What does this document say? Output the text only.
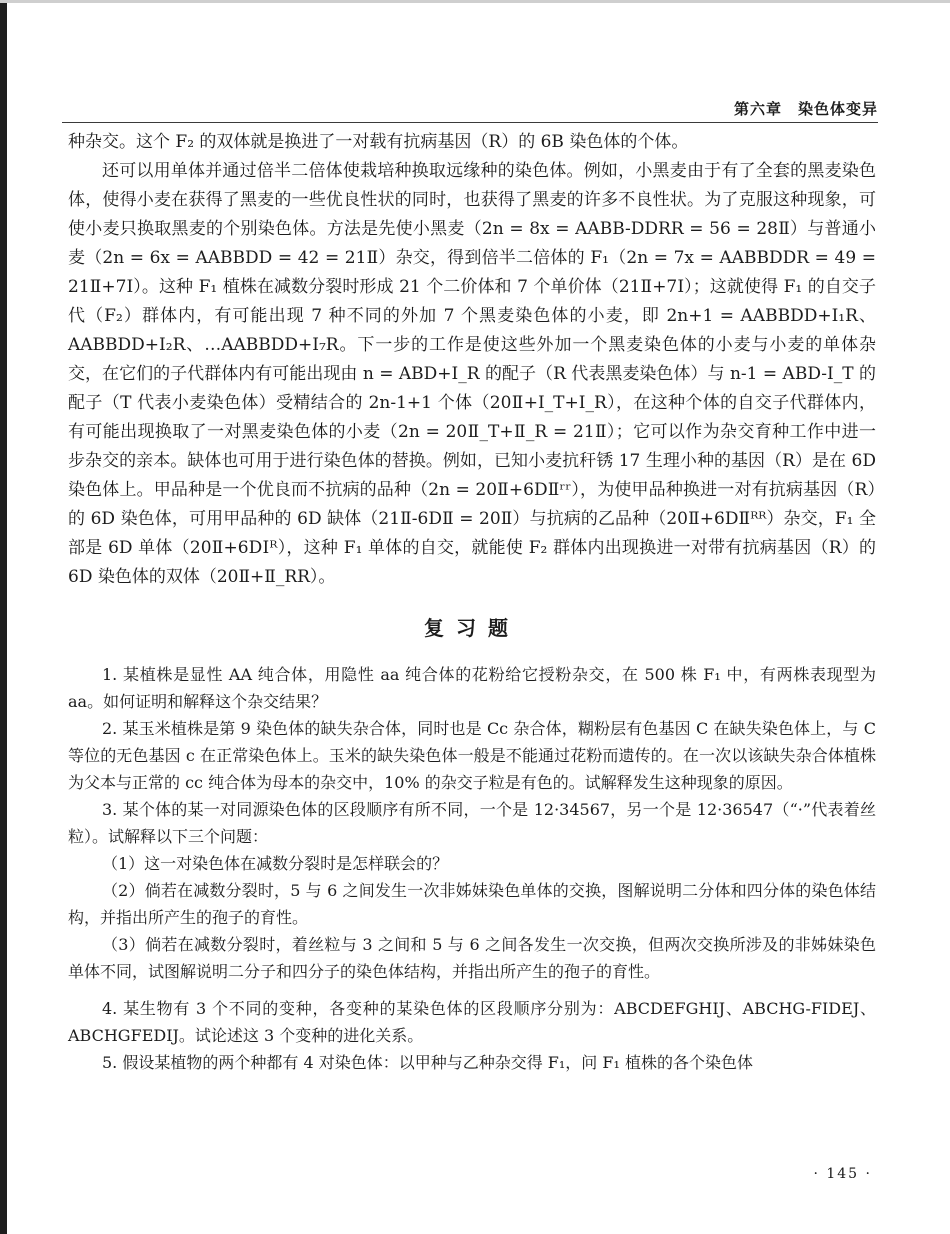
第六章　染色体变异

种杂交。这个 F₂ 的双体就是换进了一对载有抗病基因（R）的 6B 染色体的个体。

还可以用单体并通过倍半二倍体使栽培种换取远缘种的染色体。例如，小黑麦由于有了全套的黑麦染色体，使得小麦在获得了黑麦的一些优良性状的同时，也获得了黑麦的许多不良性状。为了克服这种现象，可使小麦只换取黑麦的个别染色体。方法是先使小黑麦（2n = 8x = AABB-DDRR = 56 = 28Ⅱ）与普通小麦（2n = 6x = AABBDD = 42 = 21Ⅱ）杂交，得到倍半二倍体的 F₁（2n = 7x = AABBDDR = 49 = 21Ⅱ+7Ⅰ）。这种 F₁ 植株在减数分裂时形成 21 个二价体和 7 个单价体（21Ⅱ+7Ⅰ）；这就使得 F₁ 的自交子代（F₂）群体内，有可能出现 7 种不同的外加 7 个黑麦染色体的小麦，即 2n+1 = AABBDD+I₁R、AABBDD+I₂R、…AABBDD+I₇R。下一步的工作是使这些外加一个黑麦染色体的小麦与小麦的单体杂交，在它们的子代群体内有可能出现由 n = ABD+I_R 的配子（R 代表黑麦染色体）与 n-1 = ABD-I_T 的配子（T 代表小麦染色体）受精结合的 2n-1+1 个体（20Ⅱ+I_T+I_R），在这种个体的自交子代群体内，有可能出现换取了一对黑麦染色体的小麦（2n = 20Ⅱ_T+Ⅱ_R = 21Ⅱ）；它可以作为杂交育种工作中进一步杂交的亲本。缺体也可用于进行染色体的替换。例如，已知小麦抗秆锈 17 生理小种的基因（R）是在 6D 染色体上。甲品种是一个优良而不抗病的品种（2n = 20Ⅱ+6DⅡʳʳ），为使甲品种换进一对有抗病基因（R）的 6D 染色体，可用甲品种的 6D 缺体（21Ⅱ-6DⅡ = 20Ⅱ）与抗病的乙品种（20Ⅱ+6DⅡᴿᴿ）杂交，F₁ 全部是 6D 单体（20Ⅱ+6DⅠᴿ），这种 F₁ 单体的自交，就能使 F₂ 群体内出现换进一对带有抗病基因（R）的 6D 染色体的双体（20Ⅱ+Ⅱ_RR）。

复习题

1. 某植株是显性 AA 纯合体，用隐性 aa 纯合体的花粉给它授粉杂交，在 500 株 F₁ 中，有两株表现型为 aa。如何证明和解释这个杂交结果？

2. 某玉米植株是第 9 染色体的缺失杂合体，同时也是 Cc 杂合体，糊粉层有色基因 C 在缺失染色体上，与 C 等位的无色基因 c 在正常染色体上。玉米的缺失染色体一般是不能通过花粉而遗传的。在一次以该缺失杂合体植株为父本与正常的 cc 纯合体为母本的杂交中，10% 的杂交子粒是有色的。试解释发生这种现象的原因。

3. 某个体的某一对同源染色体的区段顺序有所不同，一个是 12·34567，另一个是 12·36547（“·”代表着丝粒）。试解释以下三个问题：

（1）这一对染色体在减数分裂时是怎样联会的？

（2）倘若在减数分裂时，5 与 6 之间发生一次非姊妹染色单体的交换，图解说明二分体和四分体的染色体结构，并指出所产生的孢子的育性。

（3）倘若在减数分裂时，着丝粒与 3 之间和 5 与 6 之间各发生一次交换，但两次交换所涉及的非姊妹染色单体不同，试图解说明二分子和四分子的染色体结构，并指出所产生的孢子的育性。

4. 某生物有 3 个不同的变种，各变种的某染色体的区段顺序分别为：ABCDEFGHIJ、ABCHG-FIDEJ、ABCHGFEDIJ。试论述这 3 个变种的进化关系。

5. 假设某植物的两个种都有 4 对染色体：以甲种与乙种杂交得 F₁，问 F₁ 植株的各个染色体

· 145 ·
